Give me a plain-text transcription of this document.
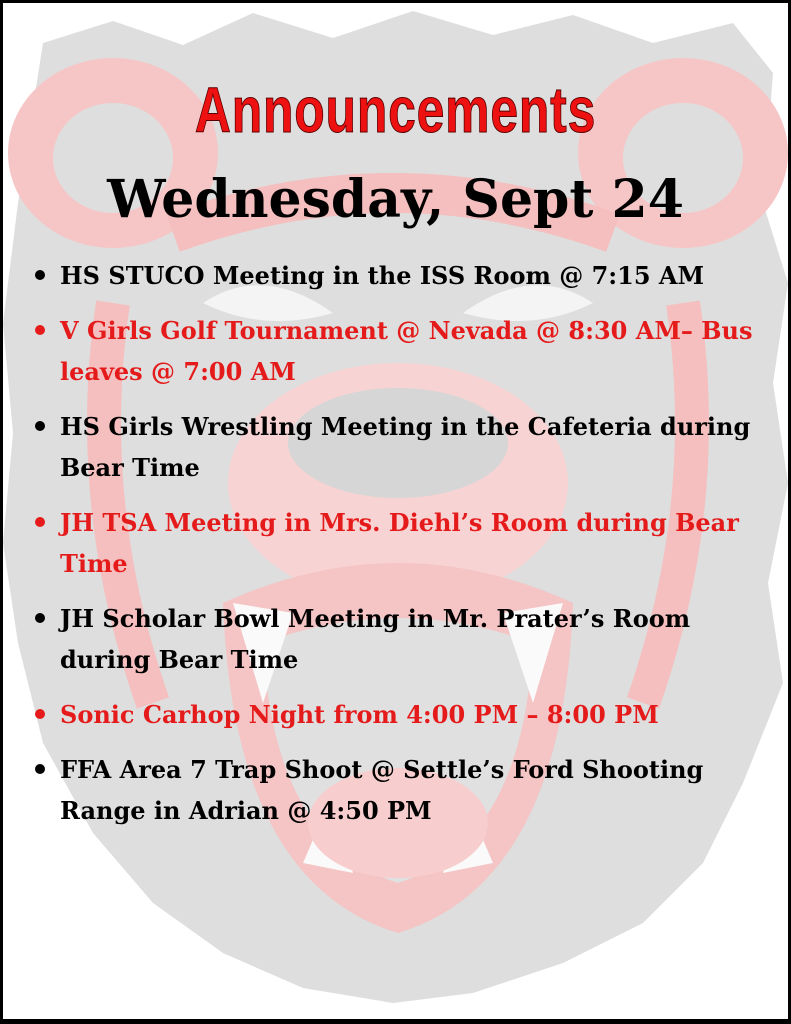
Announcements
Wednesday, Sept 24
HS STUCO Meeting in the ISS Room @ 7:15 AM
V Girls Golf Tournament @ Nevada @ 8:30 AM– Bus leaves @ 7:00 AM
HS Girls Wrestling Meeting in the Cafeteria during Bear Time
JH TSA Meeting in Mrs. Diehl’s Room during Bear Time
JH Scholar Bowl Meeting in Mr. Prater’s Room during Bear Time
Sonic Carhop Night from 4:00 PM – 8:00 PM
FFA Area 7 Trap Shoot @ Settle’s Ford Shooting Range in Adrian @ 4:50 PM
